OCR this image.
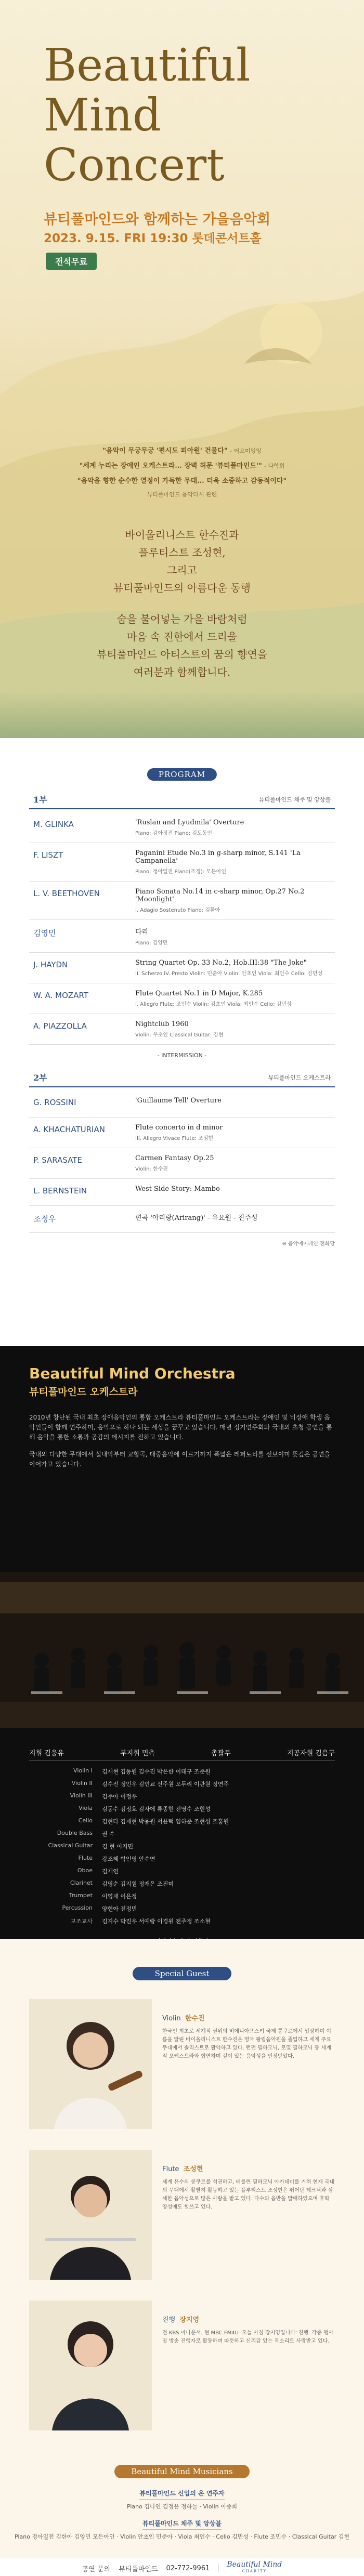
Beautiful
Mind
Concert
뷰티풀마인드와 함께하는 가을음악회
2023. 9.15. FRI 19:30 롯데콘서트홀
전석무료
"음악이 무궁무궁 '편시도 피아원' 건물다" - 어요미잉잉
"세계 누리는 장애인 오케스트라... 장벽 허문 '뷰티풀마인드'" - 다학회
"음악을 향한 순수한 열정이 가득한 무대... 더욱 소중하고 감동적이다"
뷰티풀마인드 음악다시 관련

바이올리니스트 한수진과

플루티스트 조성현,

그리고

뷰티풀마인드의 아름다운 동행

숨을 불어넣는 가을 바람처럼

마음 속 진한에서 드리울

뷰티풀마인드 아티스트의 꿈의 향연을

여러분과 함께합니다.

PROGRAM
1부	뷰티풀마인드 채주 및 앙상블
M. GLINKA	'Ruslan and Lyudmila' Overture
Piano: 김아정전 Piano: 김도동인
F. LISZT	Paganini Etude No.3 in g-sharp minor, S.141 'La Campanella'
Piano: 정아일전 Piano(조정): 모든아인
L. V. BEETHOVEN	Piano Sonata No.14 in c-sharp minor, Op.27 No.2 'Moonlight'
I. Adagio Sostenuto Piano: 김환아
김영민	다리
Piano: 김양민
J. HAYDN	String Quartet Op. 33 No.2, Hob.III:38 "The Joke"
II. Scherzo IV. Presto Violin: 민준아 Violin: 안초인 Viola: 최인수 Cello: 김민성
W. A. MOZART	Flute Quartet No.1 in D Major, K.285
I. Allegro Flute: 조민수 Violin: 김초인 Viola: 최인수 Cello: 김민성
A. PIAZZOLLA	Nightclub 1960
Violin: 우초인 Classical Guitar: 김현
- INTERMISSION -
2부	뷰티풀마인드 오케스트라
G. ROSSINI	'Guillaume Tell' Overture
A. KHACHATURIAN	Flute concerto in d minor
III. Allegro Vivace Flute: 조성현
P. SARASATE	Carmen Fantasy Op.25
Violin: 한수진
L. BERNSTEIN	West Side Story: Mambo
조정우	편곡 '아리랑(Arirang)' - 유요원 - 진주성
※ 음악에이레인 전화당
Beautiful Mind Orchestra
뷰티풀마인드 오케스트라

2010년 창단된 국내 최초 장애음악인의 통합 오케스트라 뷰티풀마인드 오케스트라는 장애인 및 비장애 학생 음악인들이 함께 연주하며, 음악으로 하나 되는 세상을 꿈꾸고 있습니다. 매년 정기연주회와 국내외 초청 공연을 통해 음악을 통한 소통과 공감의 메시지를 전하고 있습니다.

국내외 다양한 무대에서 실내악부터 교향곡, 대중음악에 이르기까지 폭넓은 레퍼토리를 선보이며 뜻깊은 공연을 이어가고 있습니다.

지휘 김웅유	부지휘 민측	총괄무	지공자원 김음구
Violin I	김재현 김동원 김수진 박은한 이태구 조준원
Violin II	김수진 정민우 김민교 신주원 오두리 이관원 정연주
Violin III	김주아 이정우
Viola	김동수 김정호 김자에 류종현 전영수 조현성
Cello	김현다 김재현 박용원 서윤택 임하준 조현성 조홍원
Double Bass	권 수
Classical Guitar	김 현 이지민
Flute	강조혜 박인영 안수연
Oboe	김재연
Clarinet	김영순 김지원 정재은 조진미
Trumpet	이영재 이은정
Percussion	양현아 전정민
보조교사	김지수 박진우 서예랑 이경원 전주정 조소현
Special Guest
Violin 한수진
한국인 최초로 세계적 권위의 비에니아프스키 국제 콩쿠르에서 입상하며 이름을 알린 바이올리니스트 한수진은 영국 왕립음악원을 졸업하고 세계 주요 무대에서 솔리스트로 활약하고 있다. 런던 필하모닉, 로열 필하모닉 등 세계적 오케스트라와 협연하며 깊이 있는 음악성을 인정받았다.
Flute 조성현
세계 유수의 콩쿠르를 석권하고, 베를린 필하모닉 아카데미를 거쳐 현재 국내외 무대에서 활발히 활동하고 있는 플루티스트 조성현은 뛰어난 테크닉과 섬세한 음악성으로 많은 사랑을 받고 있다. 다수의 음반을 발매하였으며 후학 양성에도 힘쓰고 있다.
진행 장지영
전 KBS 아나운서. 현 MBC FM4U '오늘 아침 장지영입니다' 진행. 각종 행사 및 방송 진행자로 활동하며 따뜻하고 신뢰감 있는 목소리로 사랑받고 있다.
Beautiful Mind Musicians
뷰티풀마인드 신입의 온 연주자
Piano 김나연 김정윤 정하늘 · Violin 이종희
뷰티풀마인드 채주 및 앙상블
Piano 정아일전 김한아 김양민 모든아인 · Violin 안초인 민준아 · Viola 최인수 · Cello 김민성 · Flute 조민수 · Classical Guitar 김현
공연 문의 뷰티풀마인드 02-772-9961 Beautiful Mind
CHARITY
